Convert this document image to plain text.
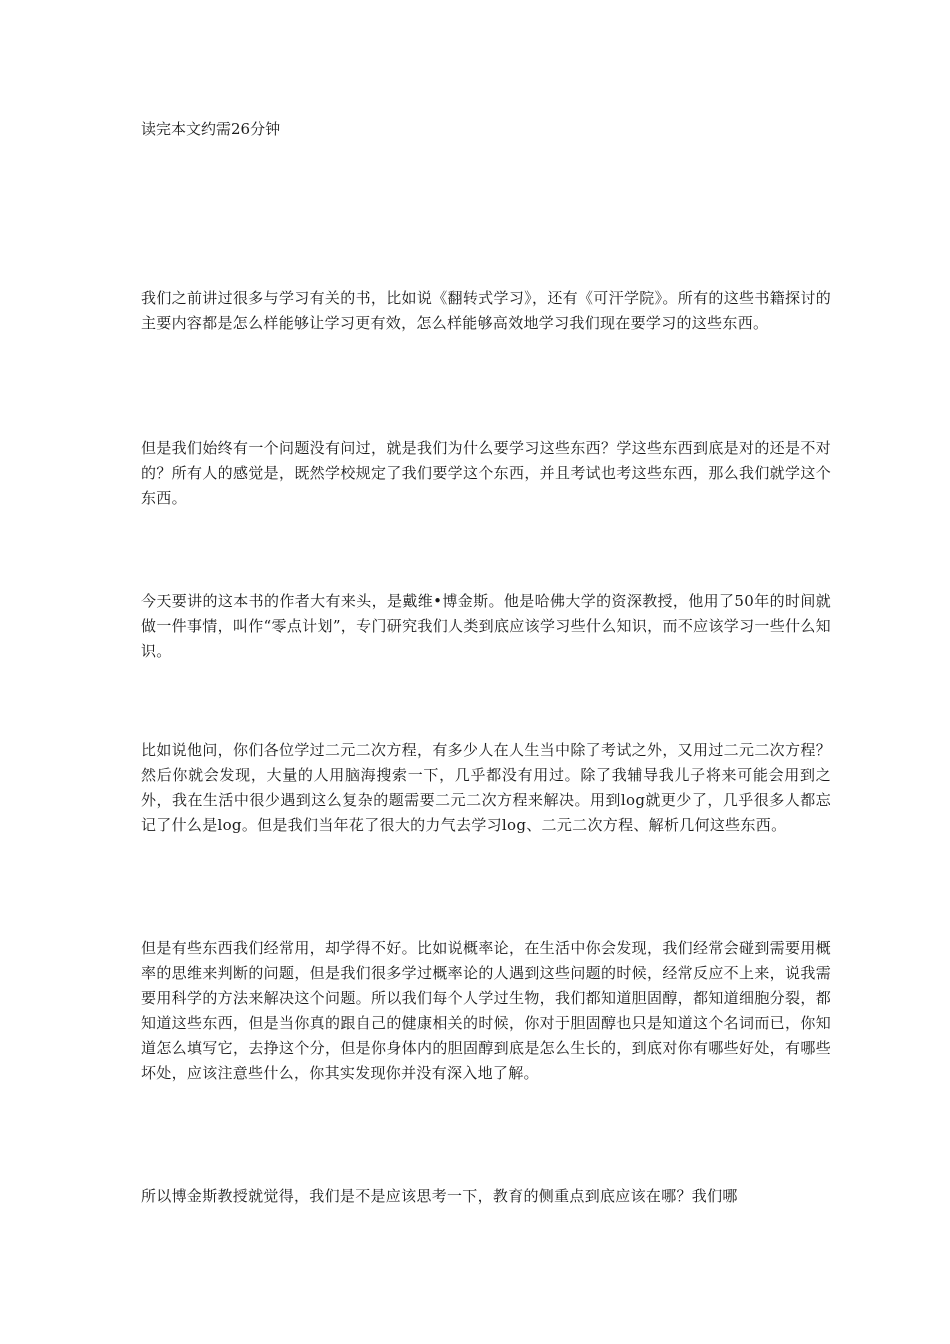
读完本文约需26分钟

我们之前讲过很多与学习有关的书，比如说《翻转式学习》，还有《可汗学院》。所有的这些书籍探讨的主要内容都是怎么样能够让学习更有效，怎么样能够高效地学习我们现在要学习的这些东西。

但是我们始终有一个问题没有问过，就是我们为什么要学习这些东西？学这些东西到底是对的还是不对的？所有人的感觉是，既然学校规定了我们要学这个东西，并且考试也考这些东西，那么我们就学这个东西。

今天要讲的这本书的作者大有来头，是戴维•博金斯。他是哈佛大学的资深教授，他用了50年的时间就做一件事情，叫作“零点计划”，专门研究我们人类到底应该学习些什么知识，而不应该学习一些什么知识。

比如说他问，你们各位学过二元二次方程，有多少人在人生当中除了考试之外，又用过二元二次方程？然后你就会发现，大量的人用脑海搜索一下，几乎都没有用过。除了我辅导我儿子将来可能会用到之外，我在生活中很少遇到这么复杂的题需要二元二次方程来解决。用到log就更少了，几乎很多人都忘记了什么是log。但是我们当年花了很大的力气去学习log、二元二次方程、解析几何这些东西。

但是有些东西我们经常用，却学得不好。比如说概率论，在生活中你会发现，我们经常会碰到需要用概率的思维来判断的问题，但是我们很多学过概率论的人遇到这些问题的时候，经常反应不上来，说我需要用科学的方法来解决这个问题。所以我们每个人学过生物，我们都知道胆固醇，都知道细胞分裂，都知道这些东西，但是当你真的跟自己的健康相关的时候，你对于胆固醇也只是知道这个名词而已，你知道怎么填写它，去挣这个分，但是你身体内的胆固醇到底是怎么生长的，到底对你有哪些好处，有哪些坏处，应该注意些什么，你其实发现你并没有深入地了解。

所以博金斯教授就觉得，我们是不是应该思考一下，教育的侧重点到底应该在哪？我们哪
